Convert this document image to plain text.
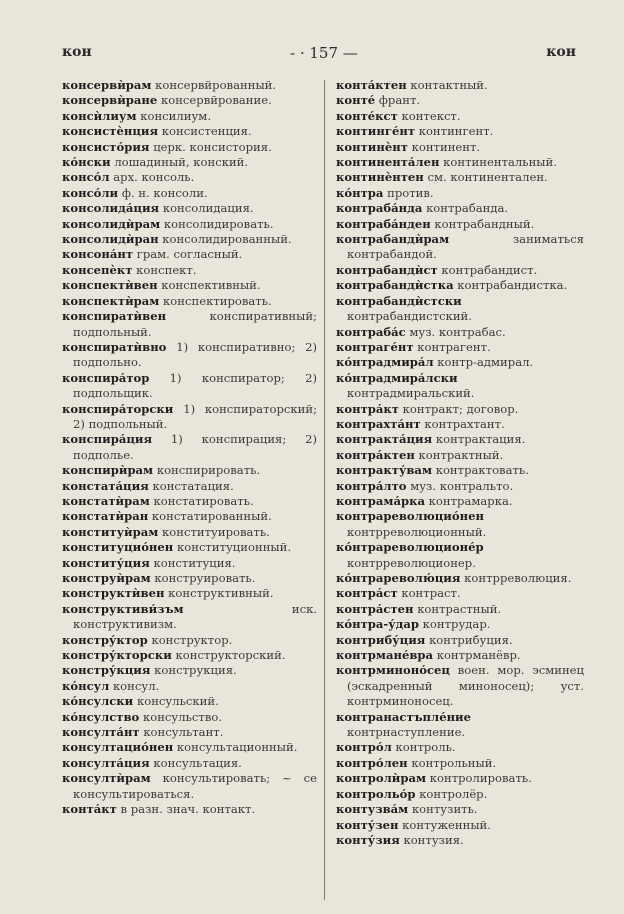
кон	- · 157 —	кон

консервѝрам консервйрованный.

консервѝране консервйрование.

консѝлиум консилиум.

консистѐнция консистенция.

консисто́рия церк. консистория.

ко́нски лошадиный, конский.

консо́л арх. консоль.

консо́ли ф. н. консоли.

консолида́ция консолидация.

консолидѝрам консолидировать.

консолидѝран консолидированный.

консона́нт грам. согласный.

консепѐкт конспект.

конспектѝвен конспективный.

конспектѝрам конспектировать.

конспиратѝвен	конспиративный; подпольный.

конспиратѝвно 1) конспиративно; 2) подпольно.

конспира́тор 1) конспиратор; 2) подпольщик.

конспира́торски 1) конспираторский; 2) подпольный.

конспира́ция 1) конспирация; 2) подполье.

конспирѝрам конспирировать.

констата́ция констатация.

констатѝрам констатировать.

констатѝран констатированный.

конституѝрам конституировать.

конституцио́нен конституционный.

конститу́ция конституция.

конструѝрам конструировать.

конструктѝвен конструктивный.

конструктиви́зъм	иск. конструктивизм.

констру́ктор конструктор.

констру́кторски конструкторский.

констру́кция конструкция.

ко́нсул консул.

ко́нсулски консульский.

ко́нсулство консульство.

консулта́нт консультант.

консултацио́нен консультационный.

консулта́ция консультация.

консултѝрам консультировать; ~ се консультироваться.

конта́кт в разн. знач. контакт.

конта́ктен контактный.

конте́ франт.

конте́кст контекст.

континге́нт контингент.

континѐнт континент.

континента́лен континентальный.

континѐнтен см. континентален.

ко́нтра против.

контраба́нда контрабанда.

контраба́нден контрабандный.

контрабандѝрам	заниматься контрабандой.

контрабандѝст контрабандист.

контрабандѝстка контрабандистка.

контрабандѝстски контрабандистский.

контраба́с муз. контрабас.

контраге́нт контрагент.

ко́нтрадмира́л контр-адмирал.

ко́нтрадмира́лски контрадмиральский.

контра́кт контракт; договор.

контрахта́нт контрахтант.

контракта́ция контрактация.

контра́ктен контрактный.

контракту́вам контрактовать.

контра́лто муз. контральто.

контрама́рка контрамарка.

контрареволюцио́нен контрреволюционный.

ко́нтрареволюционе́р контрреволюционер.

ко́нтрареволю́ция контрреволюция.

контра́ст контраст.

контра́стен контрастный.

ко́нтра-у́дар контрудар.

контрибу́ция контрибуция.

контрмане́вра контрманёвр.

контрминоно́сец воен. мор. эсминец (эскадренный миноносец); уст. контрминоносец.

контранастъпле́ние контрнаступление.

контро́л контроль.

контро́лен контрольный.

контролѝрам контролировать.

контрольо́р контролёр.

контузва́м контузить.

конту́зен контуженный.

конту́зия контузия.
